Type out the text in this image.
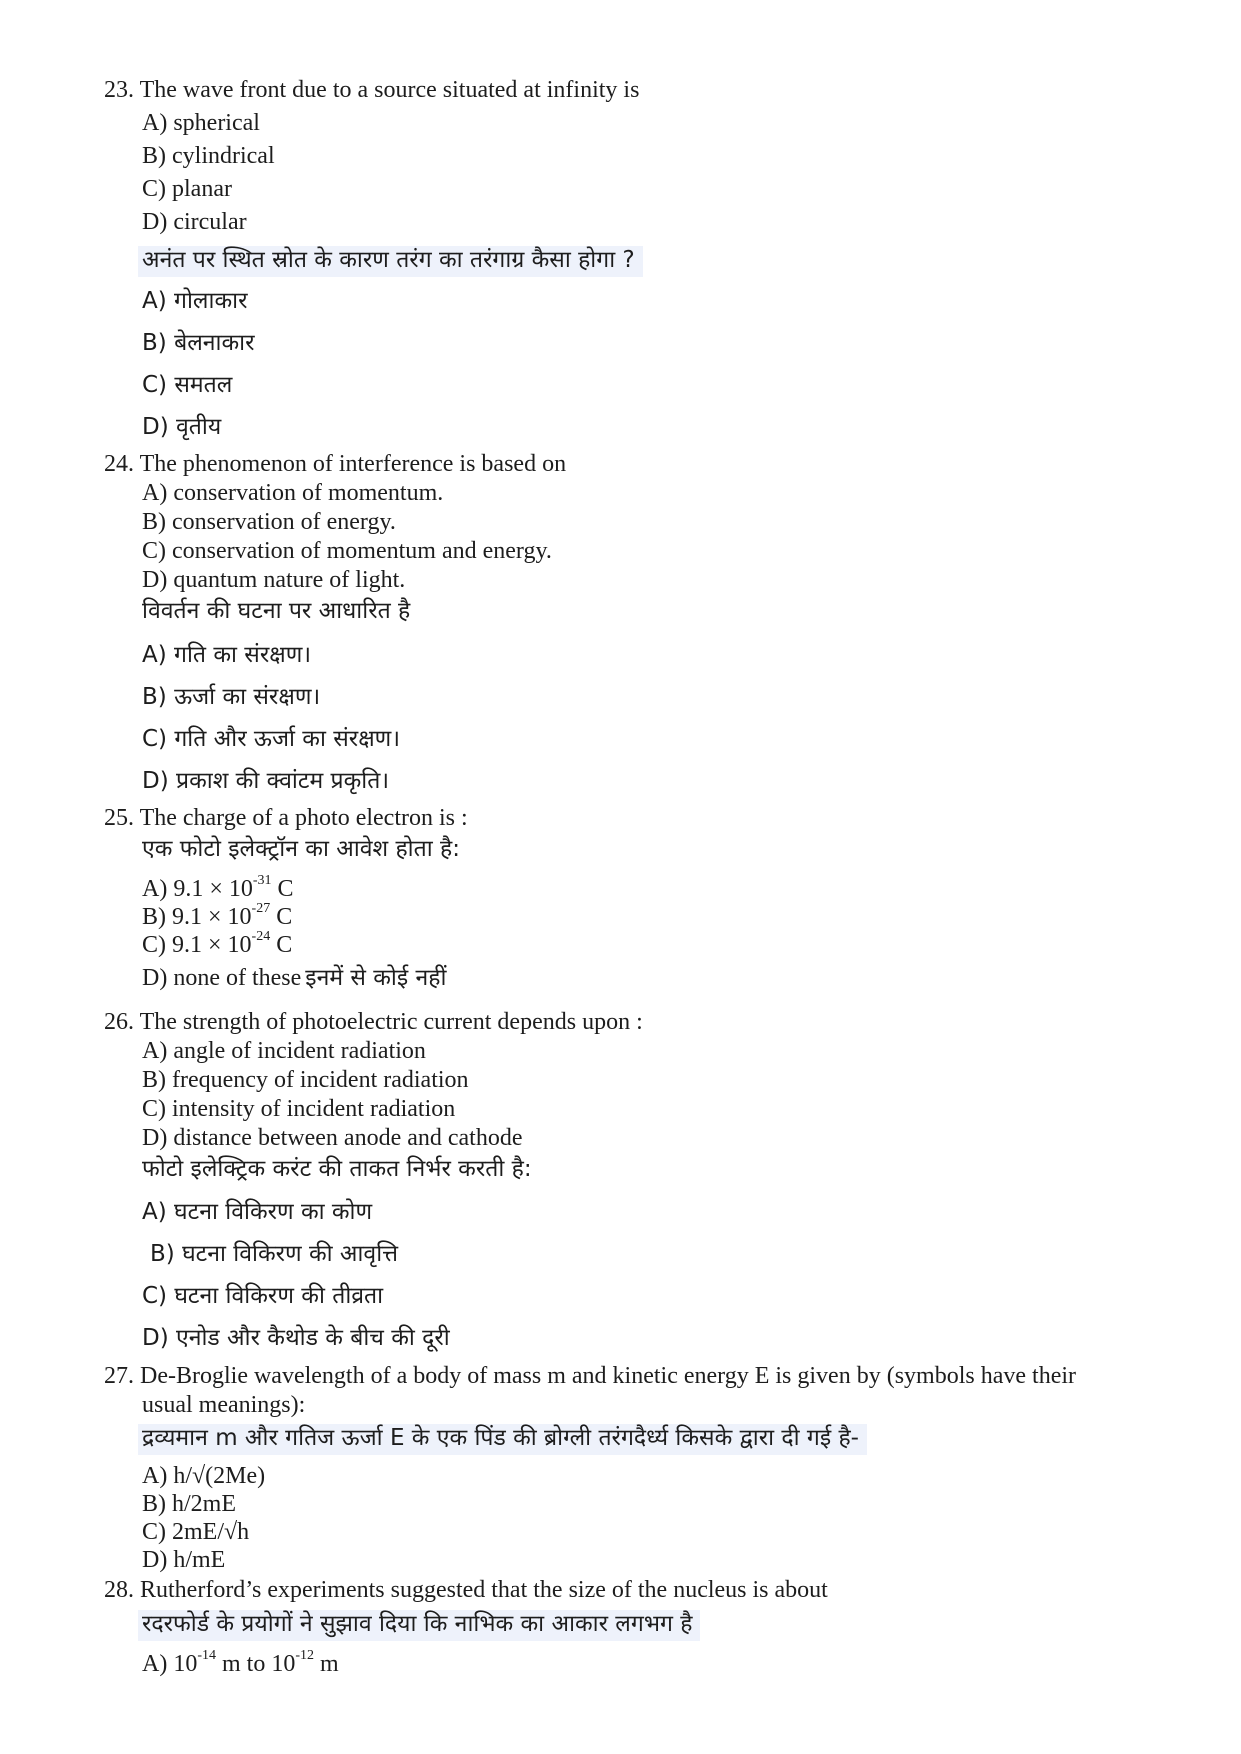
23. The wave front due to a source situated at infinity is
A) spherical
B) cylindrical
C) planar
D) circular
अनंत पर स्थित स्रोत के कारण तरंग का तरंगाग्र कैसा होगा ?
A) गोलाकार
B) बेलनाकार
C) समतल
D) वृतीय
24. The phenomenon of interference is based on
A) conservation of momentum.
B) conservation of energy.
C) conservation of momentum and energy.
D) quantum nature of light.
विवर्तन की घटना पर आधारित है
A) गति का संरक्षण।
B) ऊर्जा का संरक्षण।
C) गति और ऊर्जा का संरक्षण।
D) प्रकाश की क्वांटम प्रकृति।
25. The charge of a photo electron is :
एक फोटो इलेक्ट्रॉन का आवेश होता है:
A) $9.1 \times 10^{-31}$ C
B) $9.1 \times 10^{-27}$ C
C) $9.1 \times 10^{-24}$ C
D) none of these इनमें से कोई नहीं
26. The strength of photoelectric current depends upon :
A) angle of incident radiation
B) frequency of incident radiation
C) intensity of incident radiation
D) distance between anode and cathode
फोटो इलेक्ट्रिक करंट की ताकत निर्भर करती है:
A) घटना विकिरण का कोण
B) घटना विकिरण की आवृत्ति
C) घटना विकिरण की तीव्रता
D) एनोड और कैथोड के बीच की दूरी
27. De-Broglie wavelength of a body of mass m and kinetic energy E is given by (symbols have their
usual meanings):
द्रव्यमान m और गतिज ऊर्जा E के एक पिंड की ब्रोग्ली तरंगदैर्ध्य किसके द्वारा दी गई है-
A) h/√(2Me)
B) h/2mE
C) 2mE/√h
D) h/mE
28. Rutherford’s experiments suggested that the size of the nucleus is about
रदरफोर्ड के प्रयोगों ने सुझाव दिया कि नाभिक का आकार लगभग है
A) $10^{-14}$ m to $10^{-12}$ m
